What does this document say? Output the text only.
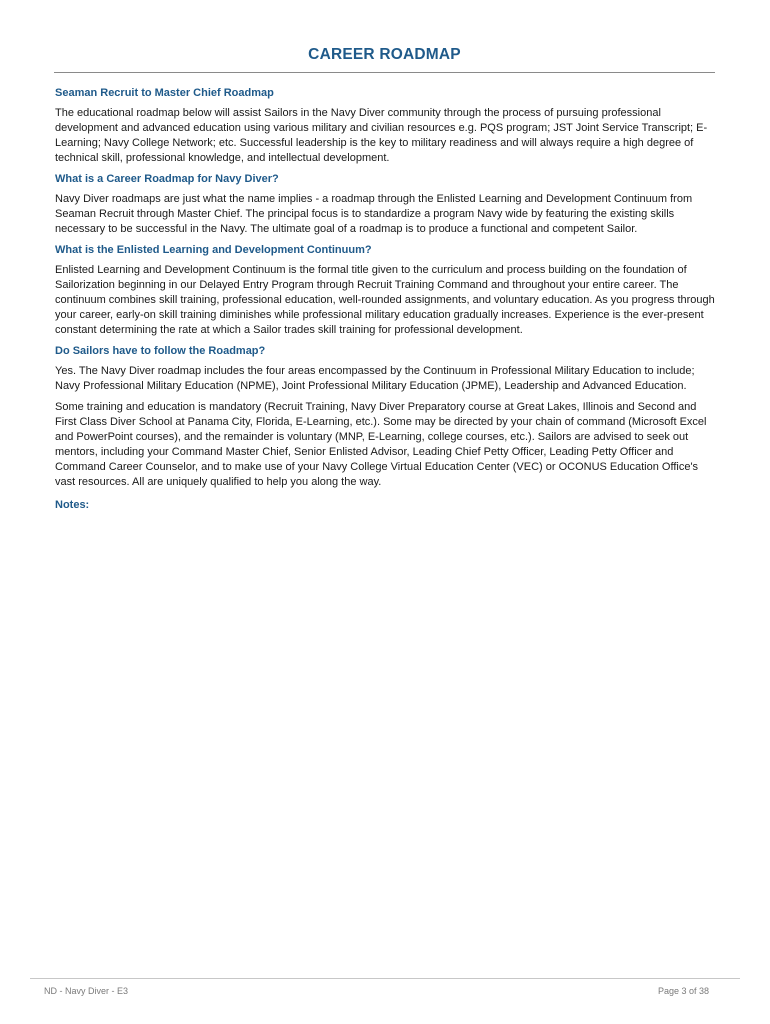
CAREER ROADMAP
Seaman Recruit to Master Chief Roadmap

The educational roadmap below will assist Sailors in the Navy Diver community through the process of pursuing professional development and advanced education using various military and civilian resources e.g. PQS program; JST Joint Service Transcript; E-Learning; Navy College Network; etc. Successful leadership is the key to military readiness and will always require a high degree of technical skill, professional knowledge, and intellectual development.

What is a Career Roadmap for Navy Diver?

Navy Diver roadmaps are just what the name implies - a roadmap through the Enlisted Learning and Development Continuum from Seaman Recruit through Master Chief. The principal focus is to standardize a program Navy wide by featuring the existing skills necessary to be successful in the Navy. The ultimate goal of a roadmap is to produce a functional and competent Sailor.

What is the Enlisted Learning and Development Continuum?

Enlisted Learning and Development Continuum is the formal title given to the curriculum and process building on the foundation of Sailorization beginning in our Delayed Entry Program through Recruit Training Command and throughout your entire career. The continuum combines skill training, professional education, well-rounded assignments, and voluntary education. As you progress through your career, early-on skill training diminishes while professional military education gradually increases. Experience is the ever-present constant determining the rate at which a Sailor trades skill training for professional development.

Do Sailors have to follow the Roadmap?

Yes. The Navy Diver roadmap includes the four areas encompassed by the Continuum in Professional Military Education to include; Navy Professional Military Education (NPME), Joint Professional Military Education (JPME), Leadership and Advanced Education.

Some training and education is mandatory (Recruit Training, Navy Diver Preparatory course at Great Lakes, Illinois and Second and First Class Diver School at Panama City, Florida, E-Learning, etc.). Some may be directed by your chain of command (Microsoft Excel and PowerPoint courses), and the remainder is voluntary (MNP, E-Learning, college courses, etc.). Sailors are advised to seek out mentors, including your Command Master Chief, Senior Enlisted Advisor, Leading Chief Petty Officer, Leading Petty Officer and Command Career Counselor, and to make use of your Navy College Virtual Education Center (VEC) or OCONUS Education Office's vast resources. All are uniquely qualified to help you along the way.

Notes:
ND - Navy Diver - E3	Page 3 of 38
